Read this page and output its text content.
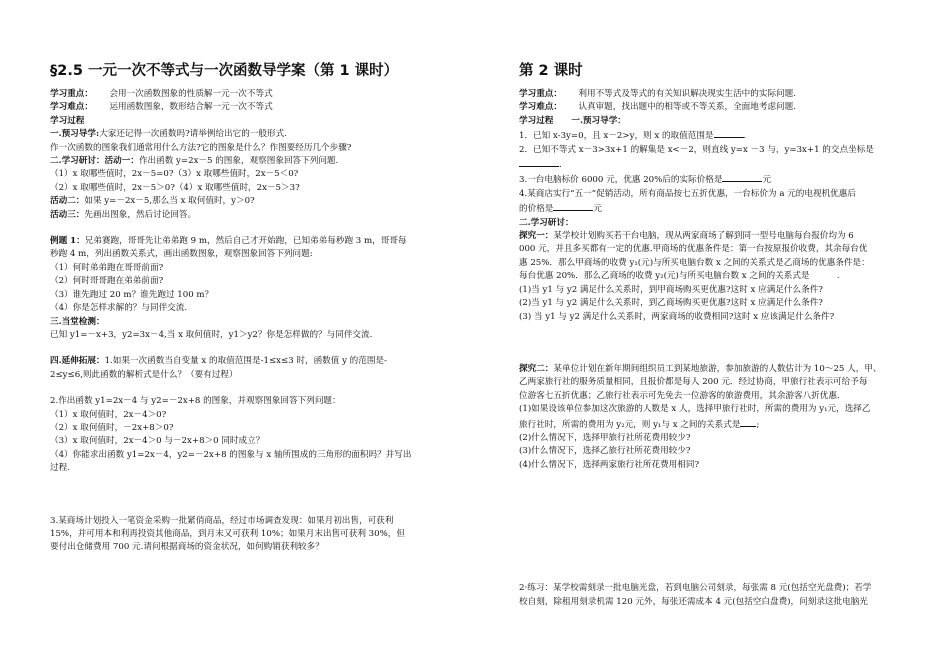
§2.5 一元一次不等式与一次函数导学案（第 1 课时）
学习重点： 会用一次函数图象的性质解一元一次不等式
学习难点： 运用函数图象，数形结合解一元一次不等式
学习过程
一.预习导学:大家还记得一次函数吗?请举例给出它的一般形式.
作一次函数的图象我们通常用什么方法?它的图象是什么？作图要经历几个步骤?
二.学习研讨：活动一：作出函数 y=2x－5 的图象，观察图象回答下列问题.
（1）x 取哪些值时，2x－5=0?（3）x 取哪些值时，2x－5＜0?
（2）x 取哪些值时，2x－5＞0?（4）x 取哪些值时，2x－5＞3?
活动二：如果 y=－2x－5,那么当 x 取何值时，y＞0?
活动三：先画出图象，然后讨论回答。
例题 1：兄弟赛跑，哥哥先让弟弟跑 9 m，然后自己才开始跑，已知弟弟每秒跑 3 m，哥哥每
秒跑 4 m，列出函数关系式，画出函数图象，观察图象回答下列问题:
（1）何时弟弟跑在哥哥前面?
（2）何时哥哥跑在弟弟前面?
（3）谁先跑过 20 m？谁先跑过 100 m？
（4）你是怎样求解的？与同伴交流.
三.当堂检测：
已知 y1=－x+3，y2=3x－4,当 x 取何值时，y1＞y2？你是怎样做的？与同伴交流.
四.延伸拓展：1.如果一次函数当自变量 x 的取值范围是-1≤x≤3 时，函数值 y 的范围是-
2≤y≤6,则此函数的解析式是什么？（要有过程）
2.作出函数 y1=2x－4 与 y2=－2x+8 的图象，并观察图象回答下列问题：
（1）x 取何值时，2x－4＞0?
（2）x 取何值时，－2x+8＞0?
（3）x 取何值时，2x－4＞0 与－2x+8＞0 同时成立？
（4）你能求出函数 y1=2x－4，y2=－2x+8 的图象与 x 轴所围成的三角形的面积吗？并写出
过程.
3.某商场计划投入一笔资金采购一批紧俏商品，经过市场调查发现：如果月初出售，可获利
15%，并可用本和利再投资其他商品，到月末又可获利 10%；如果月末出售可获利 30%，但
要付出仓储费用 700 元.请问根据商场的资金状况，如何购销获利较多？
第 2 课时
学习重点： 利用不等式及等式的有关知识解决现实生活中的实际问题.
学习难点： 认真审题，找出题中的相等或不等关系，全面地考虑问题.
学习过程 一.预习导学：
1．已知 x-3y=0，且 x－2>y，则 x 的取值范围是	.
2．已知不等式 x－3>3x+1 的解集是 x<－2，则直线 y=x －3 与，y=3x+1 的交点坐标是
.
3.一台电脑标价 6000 元，优惠 20%后的实际价格是	元
4.某商店实行“五一”促销活动，所有商品按七五折优惠，一台标价为 a 元的电视机优惠后
的价格是	元
二.学习研讨：
探究一：某学校计划购买若干台电脑，现从两家商场了解到同一型号电脑每台报价均为 6
000 元，并且多买都有一定的优惠.甲商场的优惠条件是：第一台按原报价收费，其余每台优
惠 25%．那么甲商场的收费 y₁(元)与所买电脑台数 x 之间的关系式是乙商场的优惠条件是：
每台优惠 20%．那么乙商场的收费 y₂(元)与所买电脑台数 x 之间的关系式是	.
(1)当 y1 与 y2 满足什么关系时，到甲商场购买更优惠?这时 x 应满足什么条件?
(2)当 y1 与 y2 满足什么关系时，到乙商场购买更优惠?这时 x 应满足什么条件?
(3) 当 y1 与 y2 满足什么关系时，两家商场的收费相同?这时 x 应该满足什么条件?
探究二：某单位计划在新年期间组织员工到某地旅游，参加旅游的人数估计为 10～25 人，甲、
乙两家旅行社的服务质量相同，且报价都是每人 200 元．经过协商，甲旅行社表示可给予每
位游客七五折优惠；乙旅行社表示可先免去一位游客的旅游费用，其余游客八折优惠．
(1)如果设该单位参加这次旅游的人数是 x 人，选择甲旅行社时，所需的费用为 y₁元，选择乙
旅行社时，所需的费用为 y₂元，则 y₁与 x 之间的关系式是 ;
(2)什么情况下，选择甲旅行社所花费用较少?
(3)什么情况下，选择乙旅行社所花费用较少?
(4)什么情况下，选择两家旅行社所花费用相同?
2·练习：某学校需刻录一批电脑光盘，若到电脑公司刻录，每张需 8 元(包括空光盘费)；若学
校自刻，除租用刻录机需 120 元外，每张还需成本 4 元(包括空白盘费)，问刻录这批电脑光
